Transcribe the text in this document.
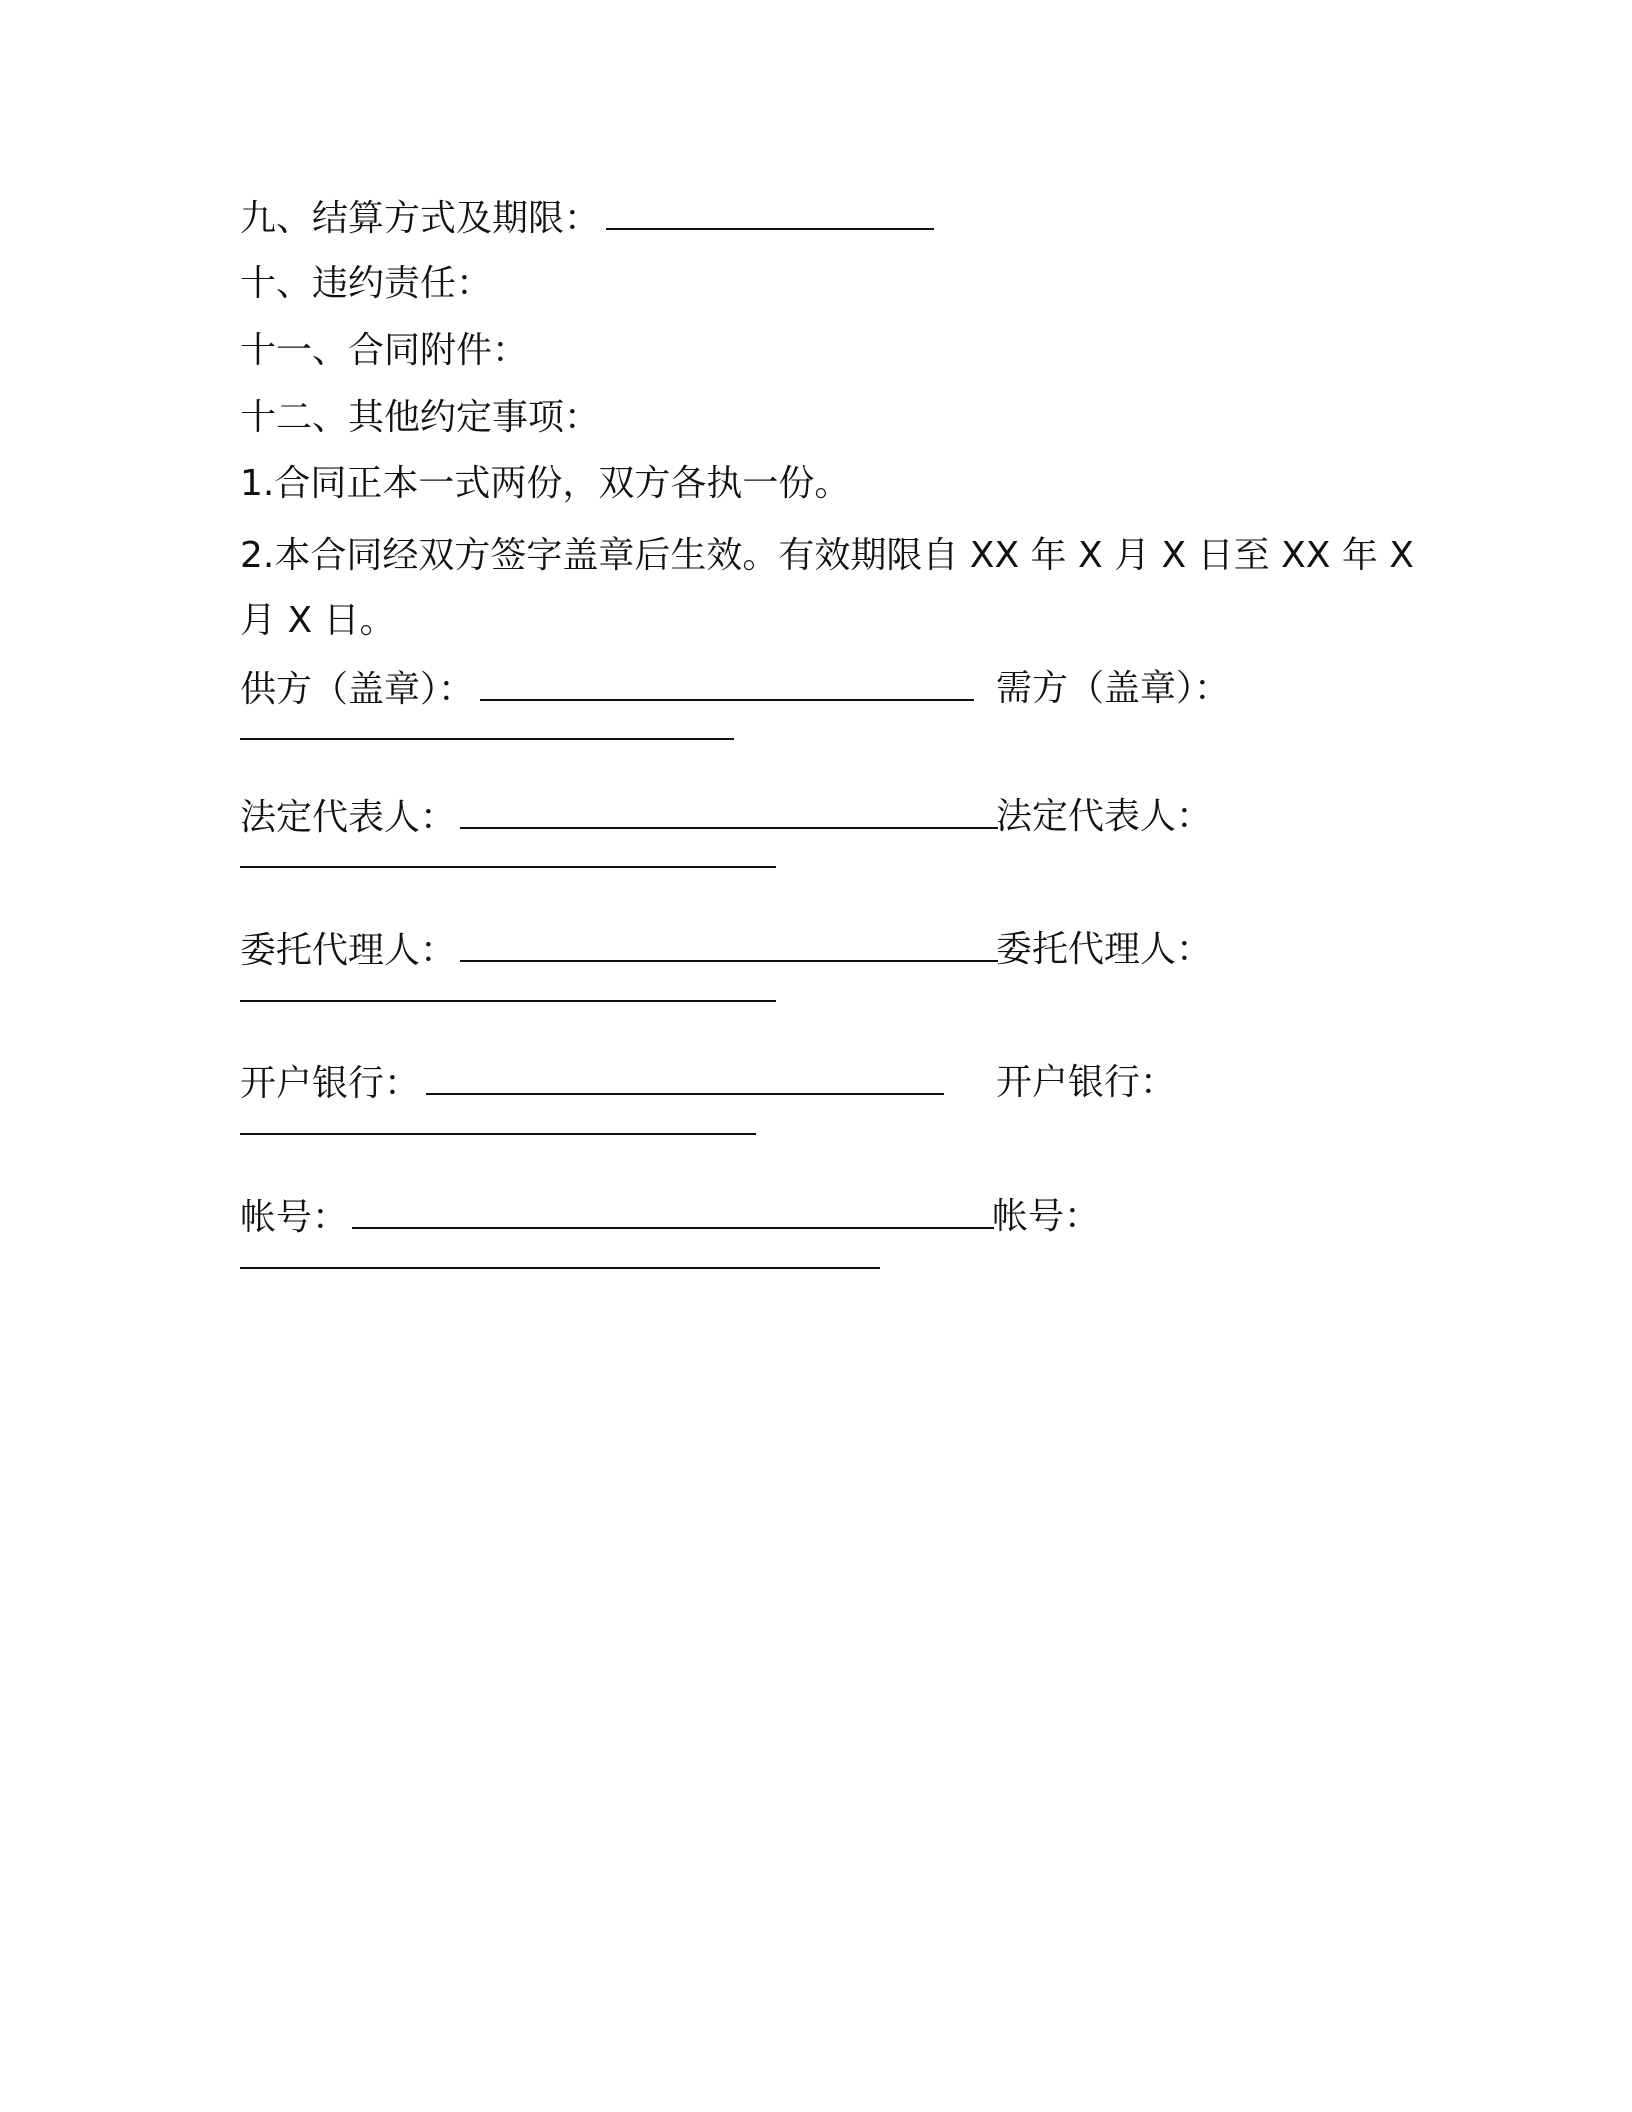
九、结算方式及期限：
十、违约责任：
十一、合同附件：
十二、其他约定事项：
1.合同正本一式两份，双方各执一份。
2.本合同经双方签字盖章后生效。有效期限自 XX 年 X 月 X 日至 XX 年 X
月 X 日。
供方（盖章）：	需方（盖章）：
法定代表人：	法定代表人：
委托代理人：	委托代理人：
开户银行：	开户银行：
帐号：	帐号：
